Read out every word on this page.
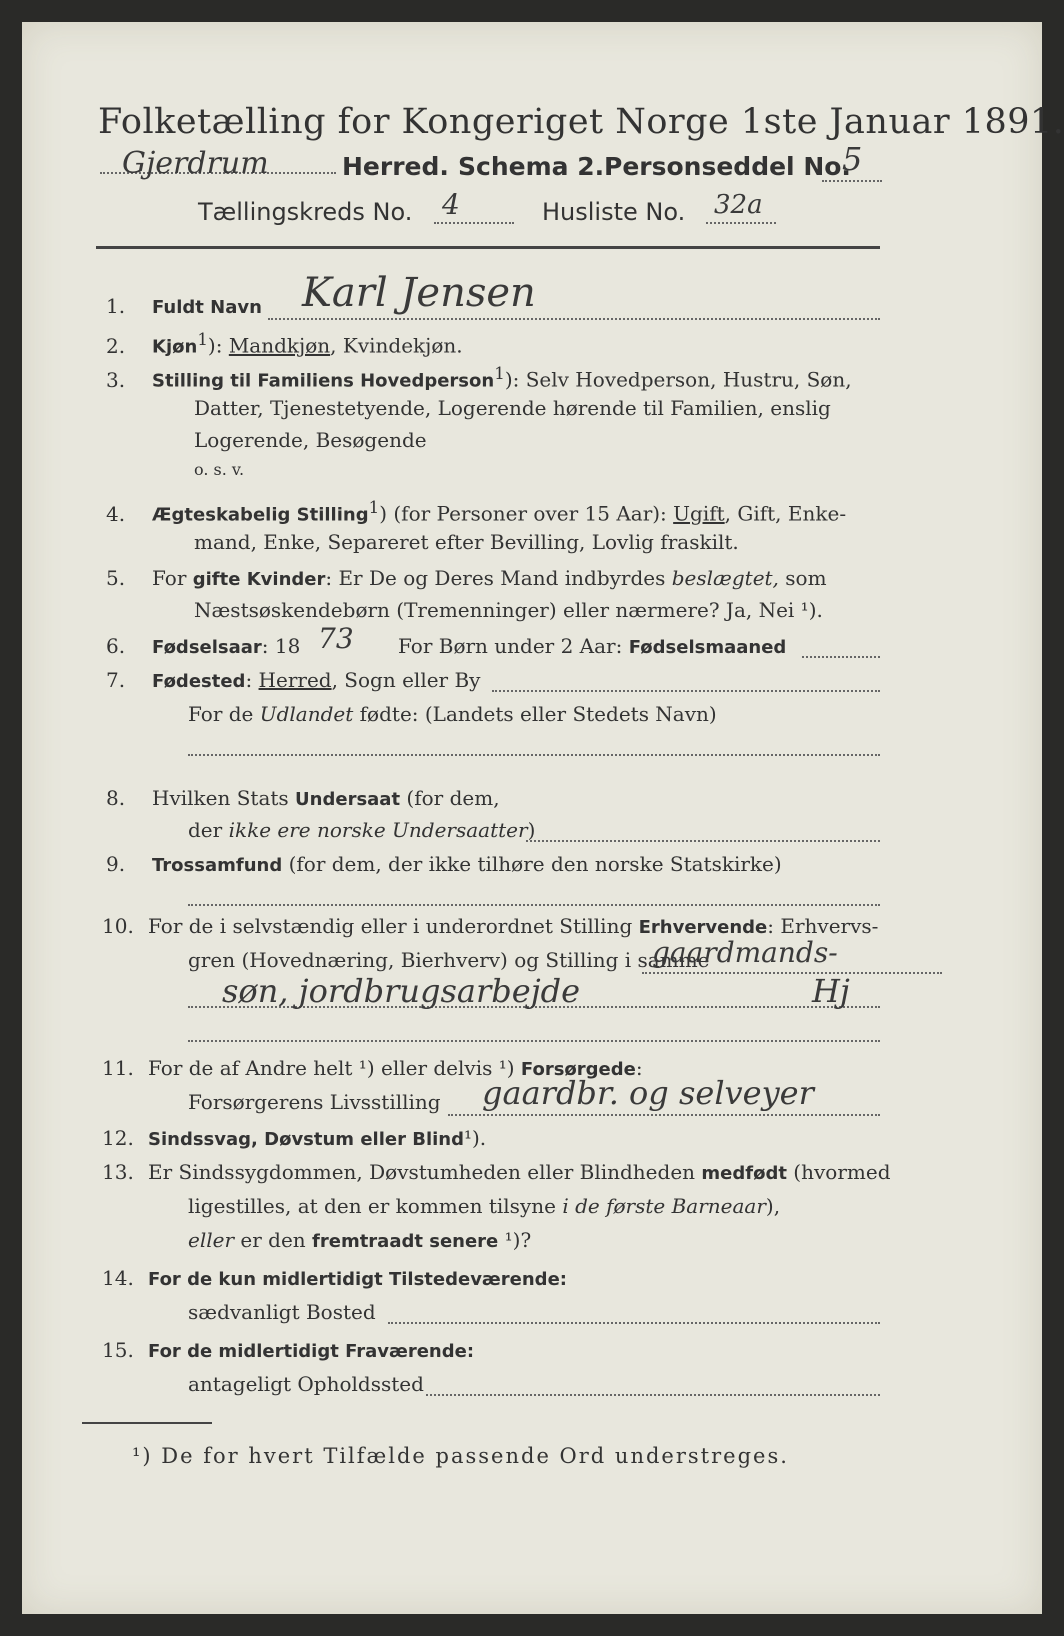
Folketælling for Kongeriget Norge 1ste Januar 1891.
Gjerdrum	Herred. Schema 2. Personseddel No.
5
Tællingskreds No. 4	Husliste No. 32a
1. Fuldt Navn Karl Jensen
2. Kjøn$^1$): Mandkjøn, Kvindekjøn.
3. Stilling til Familiens Hovedperson$^1$): Selv Hovedperson, Hustru, Søn,
Datter, Tjenestetyende, Logerende hørende til Familien, enslig
Logerende, Besøgende
o. s. v.
4. Ægteskabelig Stilling$^1$) (for Personer over 15 Aar): Ugift, Gift, Enke-
mand, Enke, Separeret efter Bevilling, Lovlig fraskilt.
5. For gifte Kvinder: Er De og Deres Mand indbyrdes beslægtet, som
Næstsøskendebørn (Tremenninger) eller nærmere? Ja, Nei ¹).
6. Fødselsaar: 18 73 For Børn under 2 Aar: Fødselsmaaned
7. Fødested: Herred, Sogn eller By
For de Udlandet fødte: (Landets eller Stedets Navn)
8. Hvilken Stats Undersaat (for dem,
der ikke ere norske Undersaatter)
9. Trossamfund (for dem, der ikke tilhøre den norske Statskirke)
10. For de i selvstændig eller i underordnet Stilling Erhvervende: Erhvervs-
gren (Hovednæring, Bierhverv) og Stilling i samme
gaardmands-
søn, jordbrugsarbejde	Hj
11. For de af Andre helt ¹) eller delvis ¹) Forsørgede:
Forsørgerens Livsstilling gaardbr. og selveyer
12. Sindssvag, Døvstum eller Blind¹).
13. Er Sindssygdommen, Døvstumheden eller Blindheden medfødt (hvormed
ligestilles, at den er kommen tilsyne i de første Barneaar),
eller er den fremtraadt senere ¹)?
14. For de kun midlertidigt Tilstedeværende:
sædvanligt Bosted
15. For de midlertidigt Fraværende:
antageligt Opholdssted
¹) De for hvert Tilfælde passende Ord understreges.
